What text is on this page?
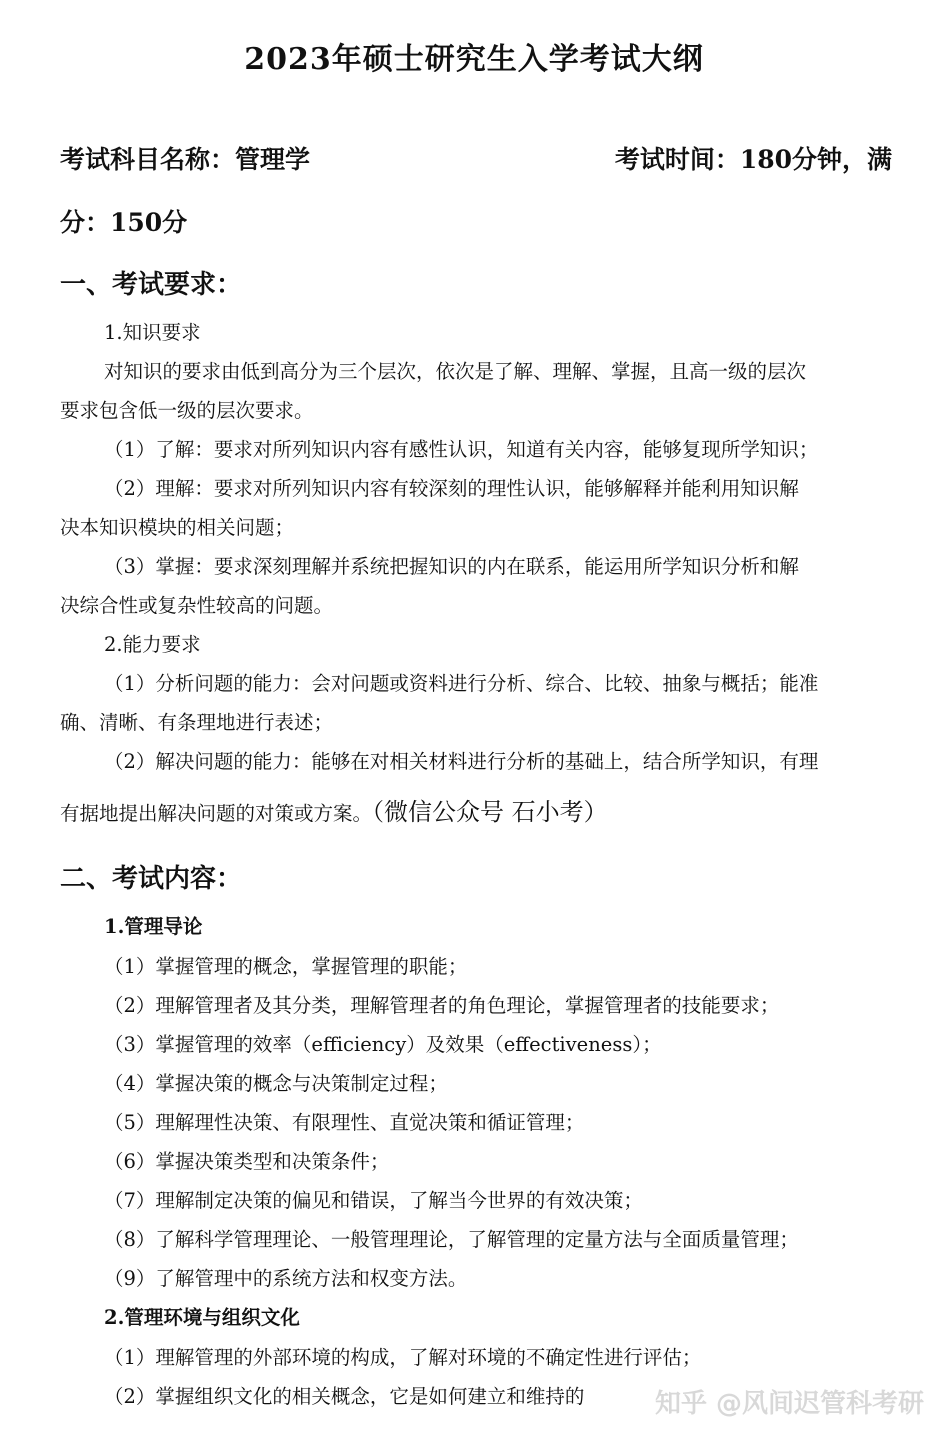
2023年硕士研究生入学考试大纲
考试科目名称：管理学	考试时间：180分钟，满
分：150分
一、考试要求：
1.知识要求
对知识的要求由低到高分为三个层次，依次是了解、理解、掌握，且高一级的层次
要求包含低一级的层次要求。
（1）了解：要求对所列知识内容有感性认识，知道有关内容，能够复现所学知识；
（2）理解：要求对所列知识内容有较深刻的理性认识，能够解释并能利用知识解
决本知识模块的相关问题；
（3）掌握：要求深刻理解并系统把握知识的内在联系，能运用所学知识分析和解
决综合性或复杂性较高的问题。
2.能力要求
（1）分析问题的能力：会对问题或资料进行分析、综合、比较、抽象与概括；能准
确、清晰、有条理地进行表述；
（2）解决问题的能力：能够在对相关材料进行分析的基础上，结合所学知识，有理
有据地提出解决问题的对策或方案。（微信公众号 石小考）
二、考试内容：
1.管理导论
（1）掌握管理的概念，掌握管理的职能；
（2）理解管理者及其分类，理解管理者的角色理论，掌握管理者的技能要求；
（3）掌握管理的效率（efficiency）及效果（effectiveness）；
（4）掌握决策的概念与决策制定过程；
（5）理解理性决策、有限理性、直觉决策和循证管理；
（6）掌握决策类型和决策条件；
（7）理解制定决策的偏见和错误，了解当今世界的有效决策；
（8）了解科学管理理论、一般管理理论，了解管理的定量方法与全面质量管理；
（9）了解管理中的系统方法和权变方法。
2.管理环境与组织文化
（1）理解管理的外部环境的构成，了解对环境的不确定性进行评估；
（2）掌握组织文化的相关概念，它是如何建立和维持的	知乎 @风间迟管科考研
